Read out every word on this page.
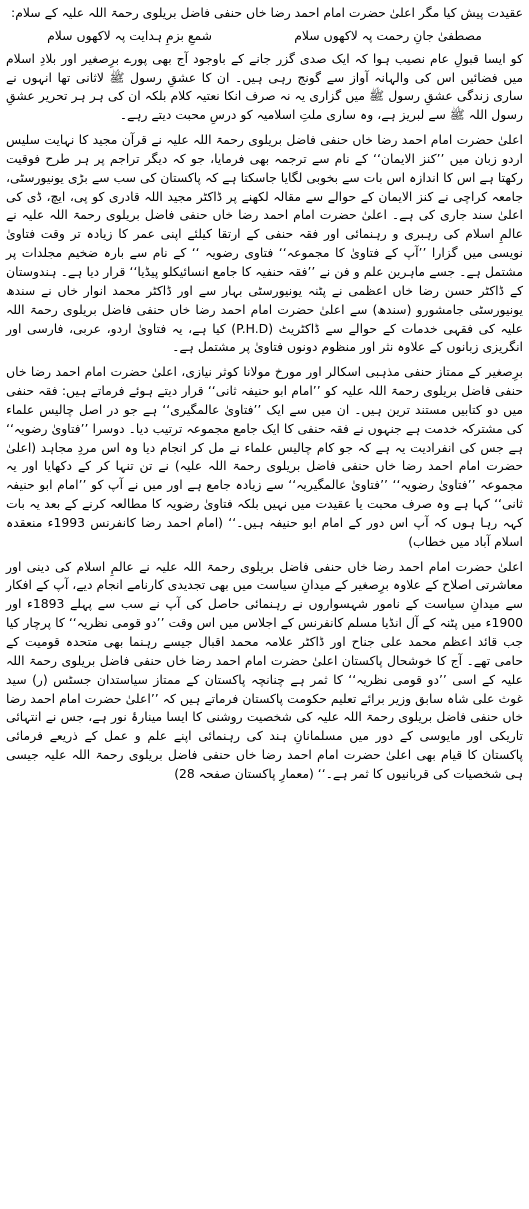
عقیدت پیش کیا مگر اعلیٰ حضرت امام احمد رضا خاں حنفی فاضل بریلوی رحمۃ اللہ علیہ کے سلام:

مصطفیٰ جانِ رحمت پہ لاکھوں سلام
شمعِ بزمِ ہدایت پہ لاکھوں سلام

کو ایسا قبولِ عام نصیب ہوا کہ ایک صدی گزر جانے کے باوجود آج بھی پورے برِصغیر اور بلادِ اسلام میں فضائیں اس کی والہانہ آواز سے گونج رہی ہیں۔ ان کا عشقِ رسول ﷺ لاثانی تھا انہوں نے ساری زندگی عشقِ رسول ﷺ میں گزاری یہ نہ صرف انکا نعتیہ کلام بلکہ ان کی ہر ہر تحریر عشقِ رسول اللہ ﷺ سے لبریز ہے، وہ ساری ملتِ اسلامیہ کو درسِ محبت دیتے رہے۔

اعلیٰ حضرت امام احمد رضا خاں حنفی فاضل بریلوی رحمۃ اللہ علیہ نے قرآن مجید کا نہایت سلیس اردو زبان میں ’’کنز الایمان‘‘ کے نام سے ترجمہ بھی فرمایا، جو کہ دیگر تراجم پر ہر طرح فوقیت رکھتا ہے اس کا اندازہ اس بات سے بخوبی لگایا جاسکتا ہے کہ پاکستان کی سب سے بڑی یونیورسٹی، جامعہ کراچی نے کنز الایمان کے حوالے سے مقالہ لکھنے پر ڈاکٹر مجید اللہ قادری کو پی، ایچ، ڈی کی اعلیٰ سند جاری کی ہے۔ اعلیٰ حضرت امام احمد رضا خاں حنفی فاضل بریلوی رحمۃ اللہ علیہ نے عالمِ اسلام کی رہبری و رہنمائی اور فقہ حنفی کے ارتقا کیلئے اپنی عمر کا زیادہ تر وقت فتاویٰ نویسی میں گزارا ’’آپ کے فتاویٰ کا مجموعہ‘‘ فتاوی رضویہ ‘‘ کے نام سے بارہ ضخیم مجلدات پر مشتمل ہے۔ جسے ماہرین علم و فن نے ’’فقہ حنفیہ کا جامع انسائیکلو پیڈیا‘‘ قرار دیا ہے۔ ہندوستان کے ڈاکٹر حسن رضا خاں اعظمی نے پٹنہ یونیورسٹی بہار سے اور ڈاکٹر محمد انوار خاں نے سندھ یونیورسٹی جامشورو (سندھ) سے اعلیٰ حضرت امام احمد رضا خاں حنفی فاضل بریلوی رحمۃ اللہ علیہ کی فقہی خدمات کے حوالے سے ڈاکٹریٹ (P.H.D) کیا ہے، یہ فتاویٰ اردو، عربی، فارسی اور انگریزی زبانوں کے علاوہ نثر اور منظوم دونوں فتاویٰ پر مشتمل ہے۔

برِصغیر کے ممتاز حنفی مذہبی اسکالر اور مورخ مولانا کوثر نیازی، اعلیٰ حضرت امام احمد رضا خاں حنفی فاضل بریلوی رحمۃ اللہ علیہ کو ’’امام ابو حنیفہ ثانی‘‘ قرار دیتے ہوئے فرماتے ہیں: فقہ حنفی میں دو کتابیں مستند ترین ہیں۔ ان میں سے ایک ’’فتاویٰ عالمگیری‘‘ ہے جو در اصل چالیس علماء کی مشترکہ خدمت ہے جنہوں نے فقہ حنفی کا ایک جامع مجموعہ ترتیب دیا۔ دوسرا ’’فتاویٰ رضویہ‘‘ ہے جس کی انفرادیت یہ ہے کہ جو کام چالیس علماء نے مل کر انجام دیا وہ اس مردِ مجاہد (اعلیٰ حضرت امام احمد رضا خاں حنفی فاضل بریلوی رحمۃ اللہ علیہ) نے تن تنہا کر کے دکھایا اور یہ مجموعہ ’’فتاویٰ رضویہ‘‘ ’’فتاویٰ عالمگیریہ‘‘ سے زیادہ جامع ہے اور میں نے آپ کو ’’امام ابو حنیفہ ثانی‘‘ کہا ہے وہ صرف محبت یا عقیدت میں نہیں بلکہ فتاویٰ رضویہ کا مطالعہ کرنے کے بعد یہ بات کہہ رہا ہوں کہ آپ اس دور کے امام ابو حنیفہ ہیں۔‘‘ (امام احمد رضا کانفرنس 1993ء منعقدہ اسلام آباد میں خطاب)

اعلیٰ حضرت امام احمد رضا خاں حنفی فاضل بریلوی رحمۃ اللہ علیہ نے عالمِ اسلام کی دینی اور معاشرتی اصلاح کے علاوہ برِصغیر کے میدانِ سیاست میں بھی تجدیدی کارنامے انجام دیے، آپ کے افکار سے میدانِ سیاست کے نامور شہسواروں نے رہنمائی حاصل کی آپ نے سب سے پہلے 1893ء اور 1900ء میں پٹنہ کے آل انڈیا مسلم کانفرنس کے اجلاس میں اس وقت ’’دو قومی نظریہ‘‘ کا پرچار کیا جب قائد اعظم محمد علی جناح اور ڈاکٹر علامہ محمد اقبال جیسے رہنما بھی متحدہ قومیت کے حامی تھے۔ آج کا خوشحال پاکستان اعلیٰ حضرت امام احمد رضا خاں حنفی فاضل بریلوی رحمۃ اللہ علیہ کے اسی ’’دو قومی نظریہ‘‘ کا ثمر ہے چنانچہ پاکستان کے ممتاز سیاستدان جسٹس (ر) سید غوث علی شاہ سابق وزیر برائے تعلیم حکومت پاکستان فرماتے ہیں کہ ’’اعلیٰ حضرت امام احمد رضا خاں حنفی فاضل بریلوی رحمۃ اللہ علیہ کی شخصیت روشنی کا ایسا مینارۂ نور ہے، جس نے انتہائی تاریکی اور مایوسی کے دور میں مسلمانانِ ہند کی رہنمائی اپنے علم و عمل کے ذریعے فرمائی پاکستان کا قیام بھی اعلیٰ حضرت امام احمد رضا خاں حنفی فاضل بریلوی رحمۃ اللہ علیہ جیسی ہی شخصیات کی قربانیوں کا ثمر ہے۔‘‘ (معمارِ پاکستان صفحہ 28)
